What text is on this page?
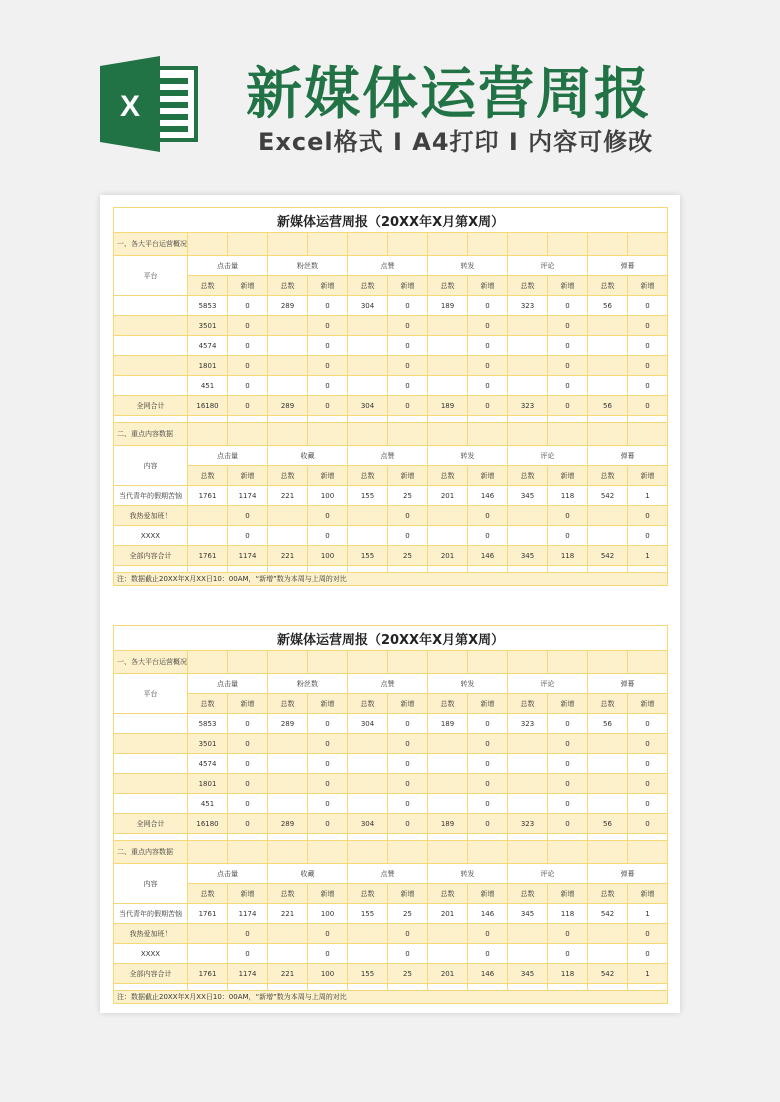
X 新媒体运营周报
Excel格式 Ⅰ A4打印 Ⅰ 内容可修改
新媒体运营周报（20XX年X月第X周）												
一、各大平台运营概况												
平台	点击量		粉丝数		点赞		转发		评论		弹幕	
	总数	新增	总数	新增	总数	新增	总数	新增	总数	新增	总数	新增
	5853	0	289	0	304	0	189	0	323	0	56	0
	3501	0		0		0		0		0		0
	4574	0		0		0		0		0		0
	1801	0		0		0		0		0		0
	451	0		0		0		0		0		0
全网合计	16180	0	289	0	304	0	189	0	323	0	56	0

二、重点内容数据												
内容	点击量		收藏		点赞		转发		评论		弹幕	
	总数	新增	总数	新增	总数	新增	总数	新增	总数	新增	总数	新增
当代青年的假期苦恼	1761	1174	221	100	155	25	201	146	345	118	542	1
我热爱加班！		0		0		0		0		0		0
XXXX		0		0		0		0		0		0
全部内容合计	1761	1174	221	100	155	25	201	146	345	118	542	1

注：数据截止20XX年X月XX日10：00AM，“新增”数为本周与上周的对比												
新媒体运营周报（20XX年X月第X周）												
一、各大平台运营概况												
平台	点击量		粉丝数		点赞		转发		评论		弹幕	
	总数	新增	总数	新增	总数	新增	总数	新增	总数	新增	总数	新增
	5853	0	289	0	304	0	189	0	323	0	56	0
	3501	0		0		0		0		0		0
	4574	0		0		0		0		0		0
	1801	0		0		0		0		0		0
	451	0		0		0		0		0		0
全网合计	16180	0	289	0	304	0	189	0	323	0	56	0

二、重点内容数据												
内容	点击量		收藏		点赞		转发		评论		弹幕	
	总数	新增	总数	新增	总数	新增	总数	新增	总数	新增	总数	新增
当代青年的假期苦恼	1761	1174	221	100	155	25	201	146	345	118	542	1
我热爱加班！		0		0		0		0		0		0
XXXX		0		0		0		0		0		0
全部内容合计	1761	1174	221	100	155	25	201	146	345	118	542	1

注：数据截止20XX年X月XX日10：00AM，“新增”数为本周与上周的对比												
